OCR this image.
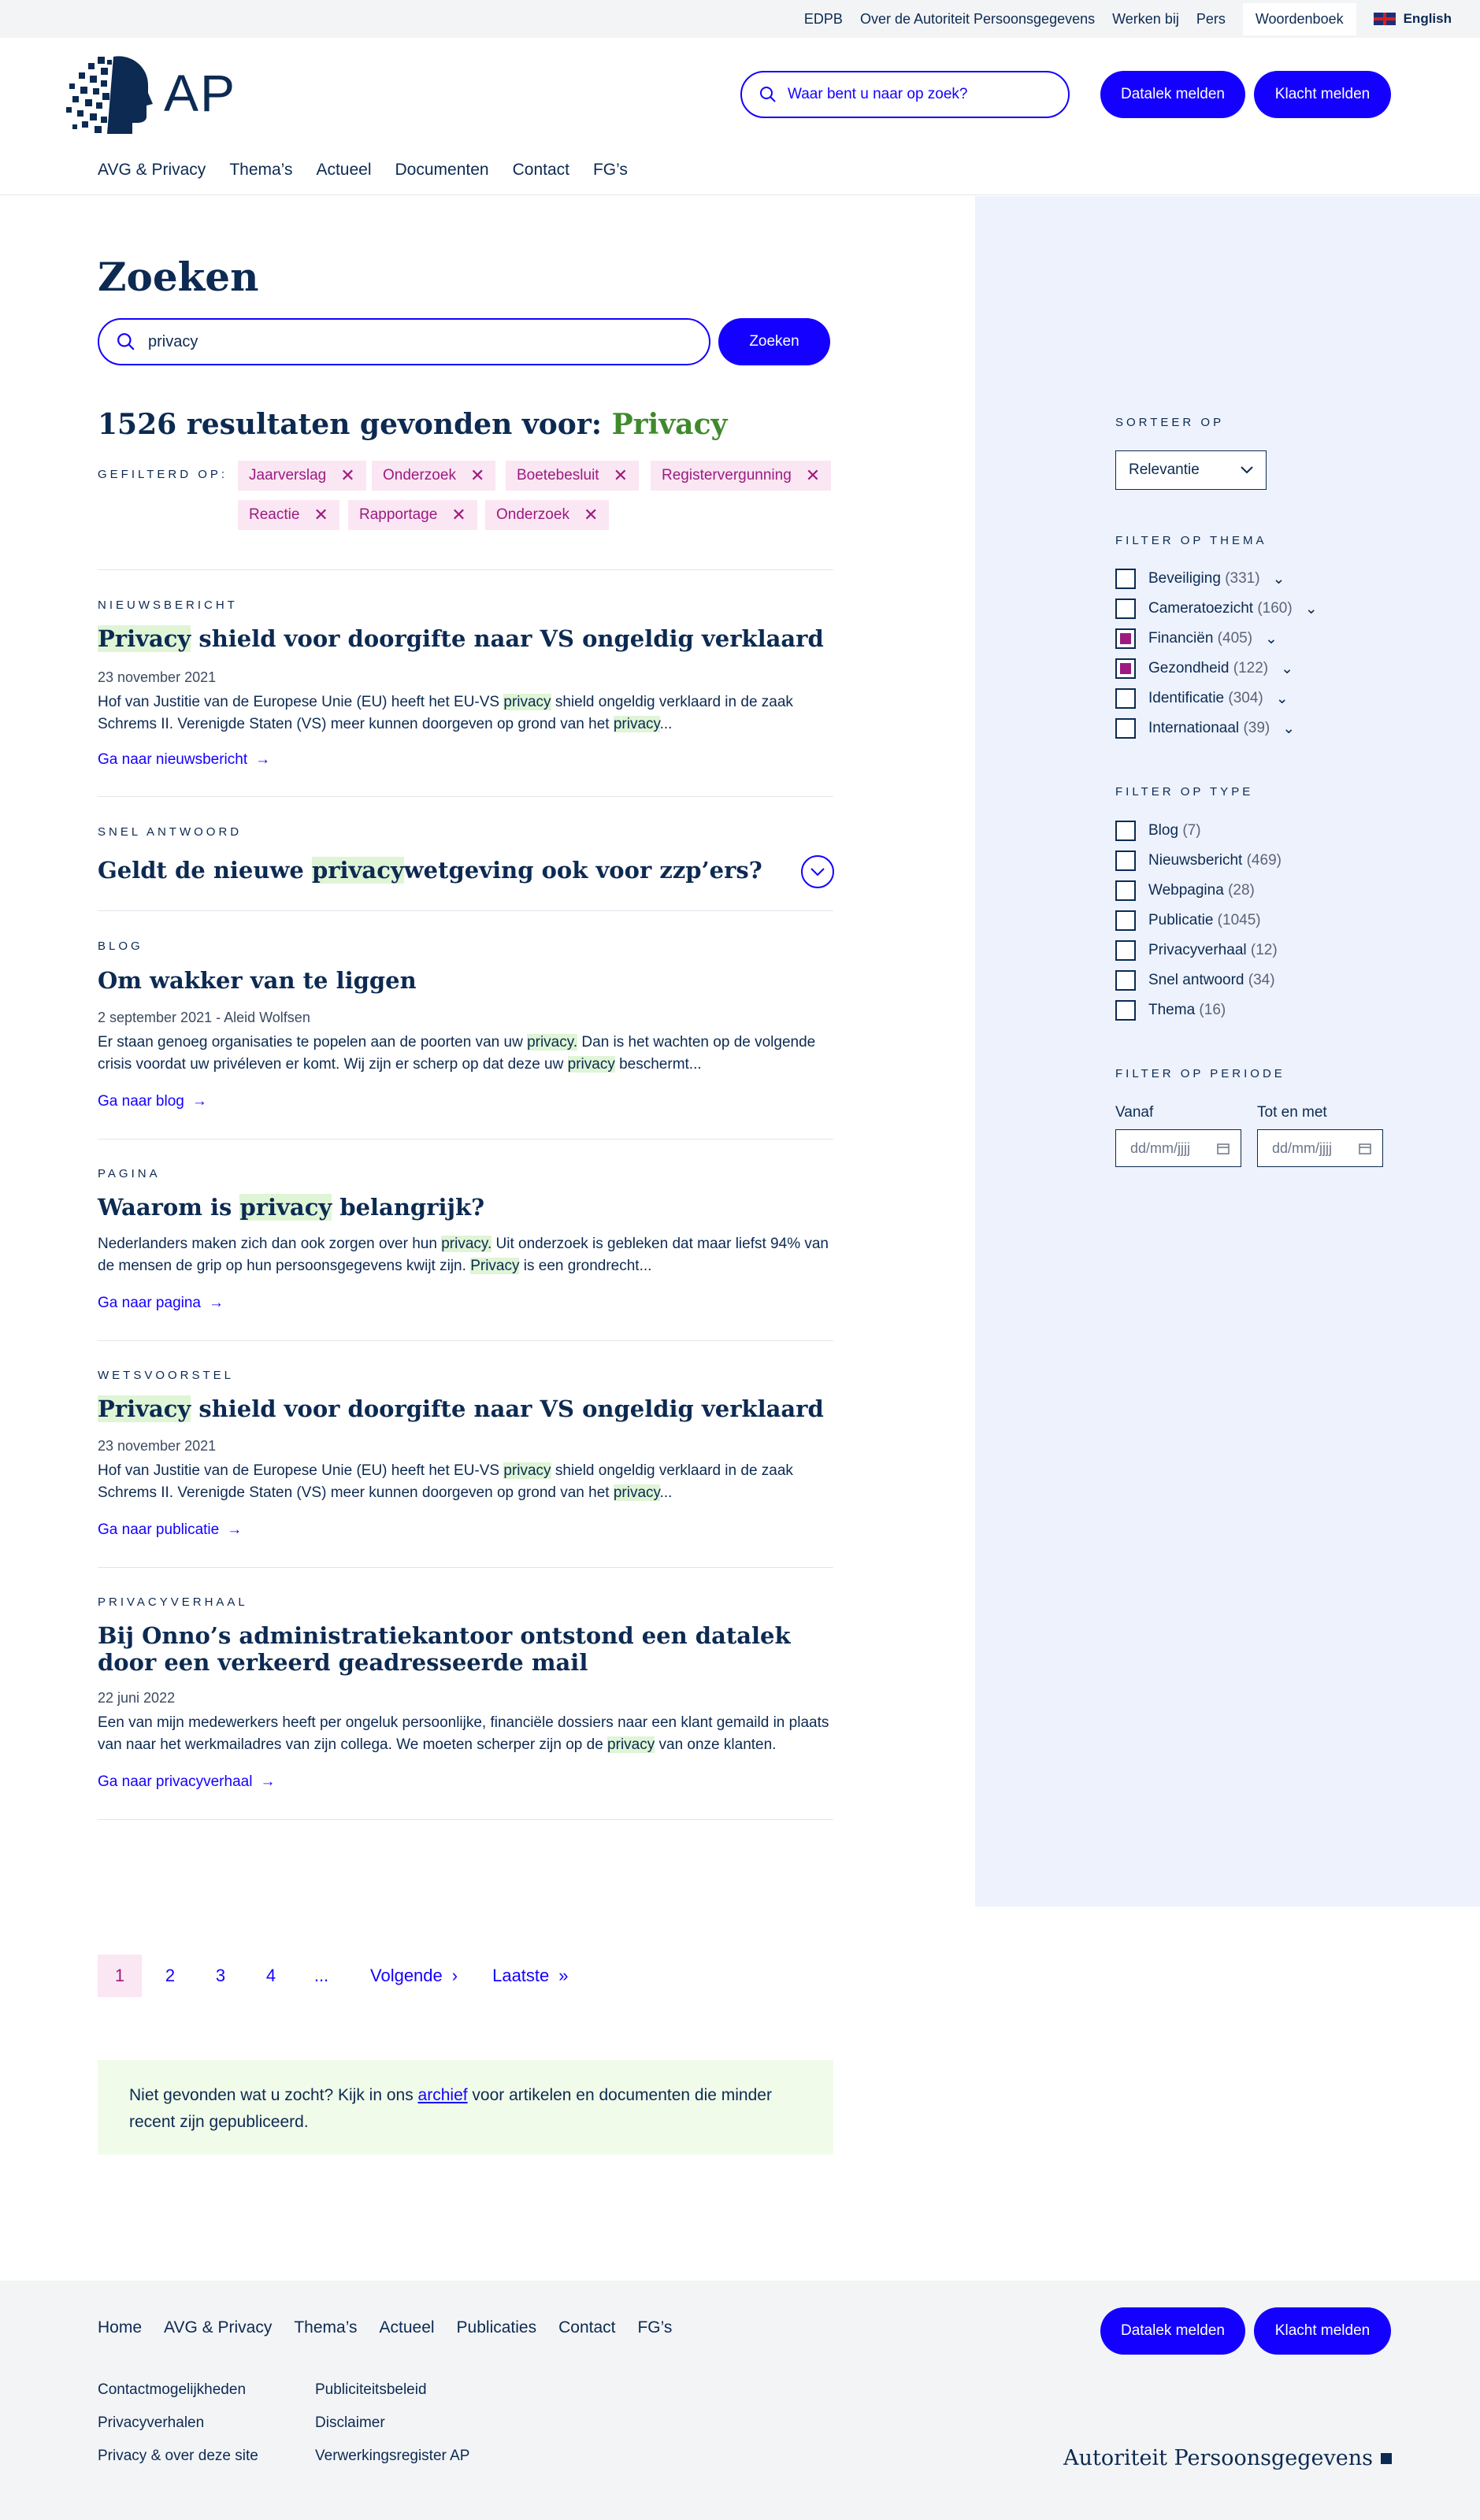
EDPB Over de Autoriteit Persoonsgegevens Werken bij Pers	Woordenboek	English
AP
Waar bent u naar op zoek?	Datalek melden	Klacht melden
AVG & Privacy Thema’s Actueel Documenten Contact FG’s
Zoeken
privacy
Zoeken
1526 resultaten gevonden voor: Privacy
GEFILTERD OP: Jaarverslag ✕ Onderzoek ✕ Boetebesluit ✕ Registervergunning ✕
Reactie ✕ Rapportage ✕ Onderzoek ✕
NIEUWSBERICHT
Privacy shield voor doorgifte naar VS ongeldig verklaard
23 november 2021
Hof van Justitie van de Europese Unie (EU) heeft het EU-VS privacy shield ongeldig verklaard in de zaak Schrems II. Verenigde Staten (VS) meer kunnen doorgeven op grond van het privacy...
Ga naar nieuwsbericht →
SNEL ANTWOORD
Geldt de nieuwe privacywetgeving ook voor zzp’ers?
BLOG
Om wakker van te liggen
2 september 2021 - Aleid Wolfsen
Er staan genoeg organisaties te popelen aan de poorten van uw privacy. Dan is het wachten op de volgende crisis voordat uw privéleven er komt. Wij zijn er scherp op dat deze uw privacy beschermt...
Ga naar blog →
PAGINA
Waarom is privacy belangrijk?
Nederlanders maken zich dan ook zorgen over hun privacy. Uit onderzoek is gebleken dat maar liefst 94% van de mensen de grip op hun persoonsgegevens kwijt zijn. Privacy is een grondrecht...
Ga naar pagina →
WETSVOORSTEL
Privacy shield voor doorgifte naar VS ongeldig verklaard
23 november 2021
Hof van Justitie van de Europese Unie (EU) heeft het EU-VS privacy shield ongeldig verklaard in de zaak Schrems II. Verenigde Staten (VS) meer kunnen doorgeven op grond van het privacy...
Ga naar publicatie →
PRIVACYVERHAAL
Bij Onno’s administratiekantoor ontstond een datalek door een verkeerd geadresseerde mail
22 juni 2022
Een van mijn medewerkers heeft per ongeluk persoonlijke, financiële dossiers naar een klant gemaild in plaats van naar het werkmailadres van zijn collega. We moeten scherper zijn op de privacy van onze klanten.
Ga naar privacyverhaal →
SORTEER OP
Relevantie
FILTER OP THEMA
Beveiliging (331) ⌄
Cameratoezicht (160) ⌄
Financiën (405) ⌄
Gezondheid (122) ⌄
Identificatie (304) ⌄
Internationaal (39) ⌄
FILTER OP TYPE
Blog (7)
Nieuwsbericht (469)
Webpagina (28)
Publicatie (1045)
Privacyverhaal (12)
Snel antwoord (34)
Thema (16)
FILTER OP PERIODE
Vanaf	Tot en met
dd/mm/jjjj	dd/mm/jjjj
1	2	3	4	...	Volgende › Laatste »
Niet gevonden wat u zocht? Kijk in ons archief voor artikelen en documenten die minder recent zijn gepubliceerd.
Home AVG & Privacy Thema’s Actueel Publicaties Contact FG’s	Datalek melden	Klacht melden
Contactmogelijkheden
Privacyverhalen
Privacy & over deze site
Publiciteitsbeleid
Disclaimer
Verwerkingsregister AP	Autoriteit Persoonsgegevens
